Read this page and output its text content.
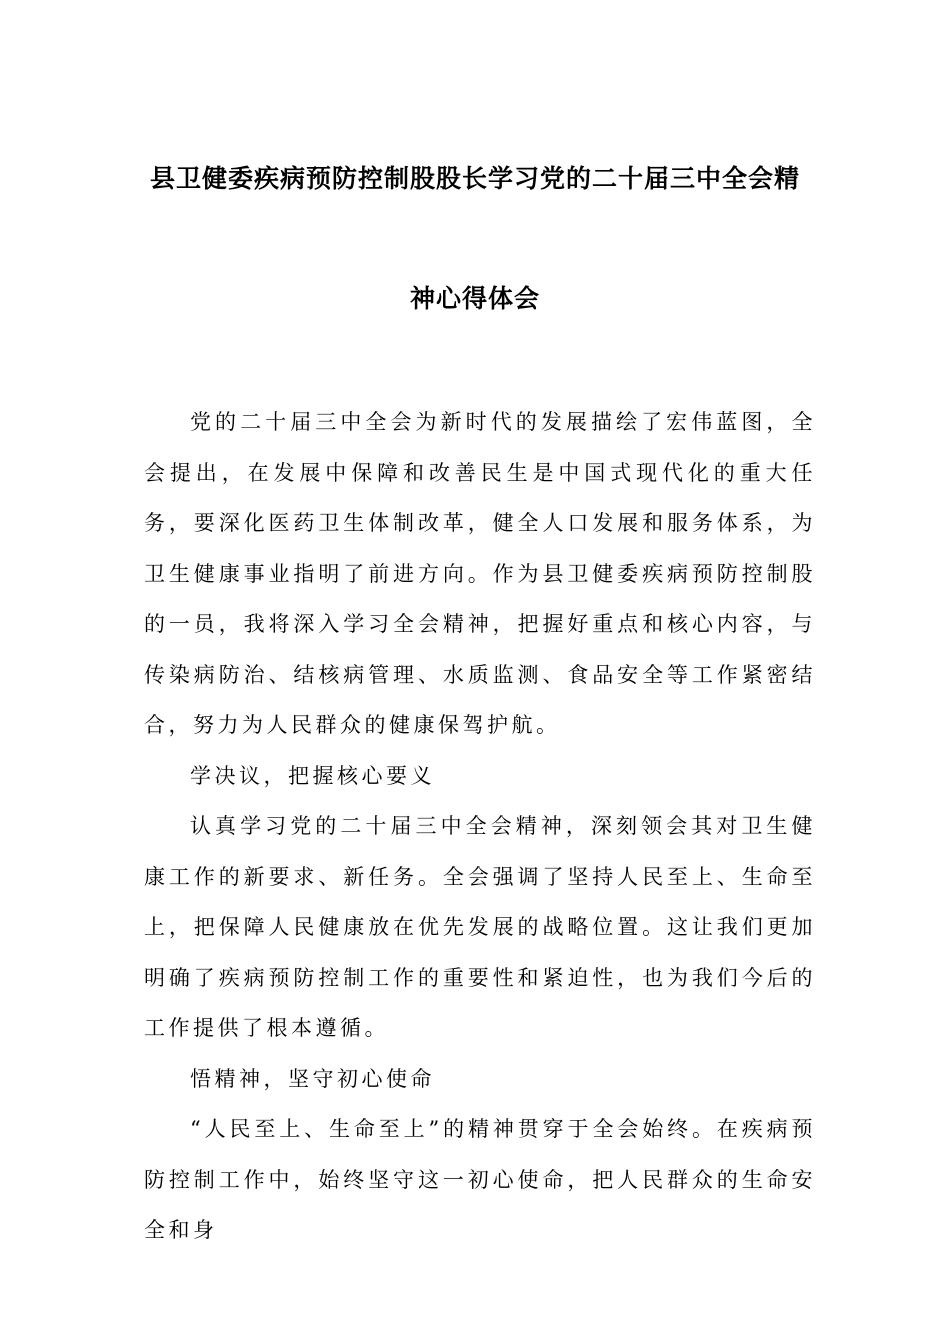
县卫健委疾病预防控制股股长学习党的二十届三中全会精
神心得体会

党的二十届三中全会为新时代的发展描绘了宏伟蓝图，全会提出，在发展中保障和改善民生是中国式现代化的重大任务，要深化医药卫生体制改革，健全人口发展和服务体系，为卫生健康事业指明了前进方向。作为县卫健委疾病预防控制股的一员，我将深入学习全会精神，把握好重点和核心内容，与传染病防治、结核病管理、水质监测、食品安全等工作紧密结合，努力为人民群众的健康保驾护航。

学决议，把握核心要义

认真学习党的二十届三中全会精神，深刻领会其对卫生健康工作的新要求、新任务。全会强调了坚持人民至上、生命至上，把保障人民健康放在优先发展的战略位置。这让我们更加明确了疾病预防控制工作的重要性和紧迫性，也为我们今后的工作提供了根本遵循。

悟精神，坚守初心使命

“人民至上、生命至上”的精神贯穿于全会始终。在疾病预防控制工作中，始终坚守这一初心使命，把人民群众的生命安全和身
